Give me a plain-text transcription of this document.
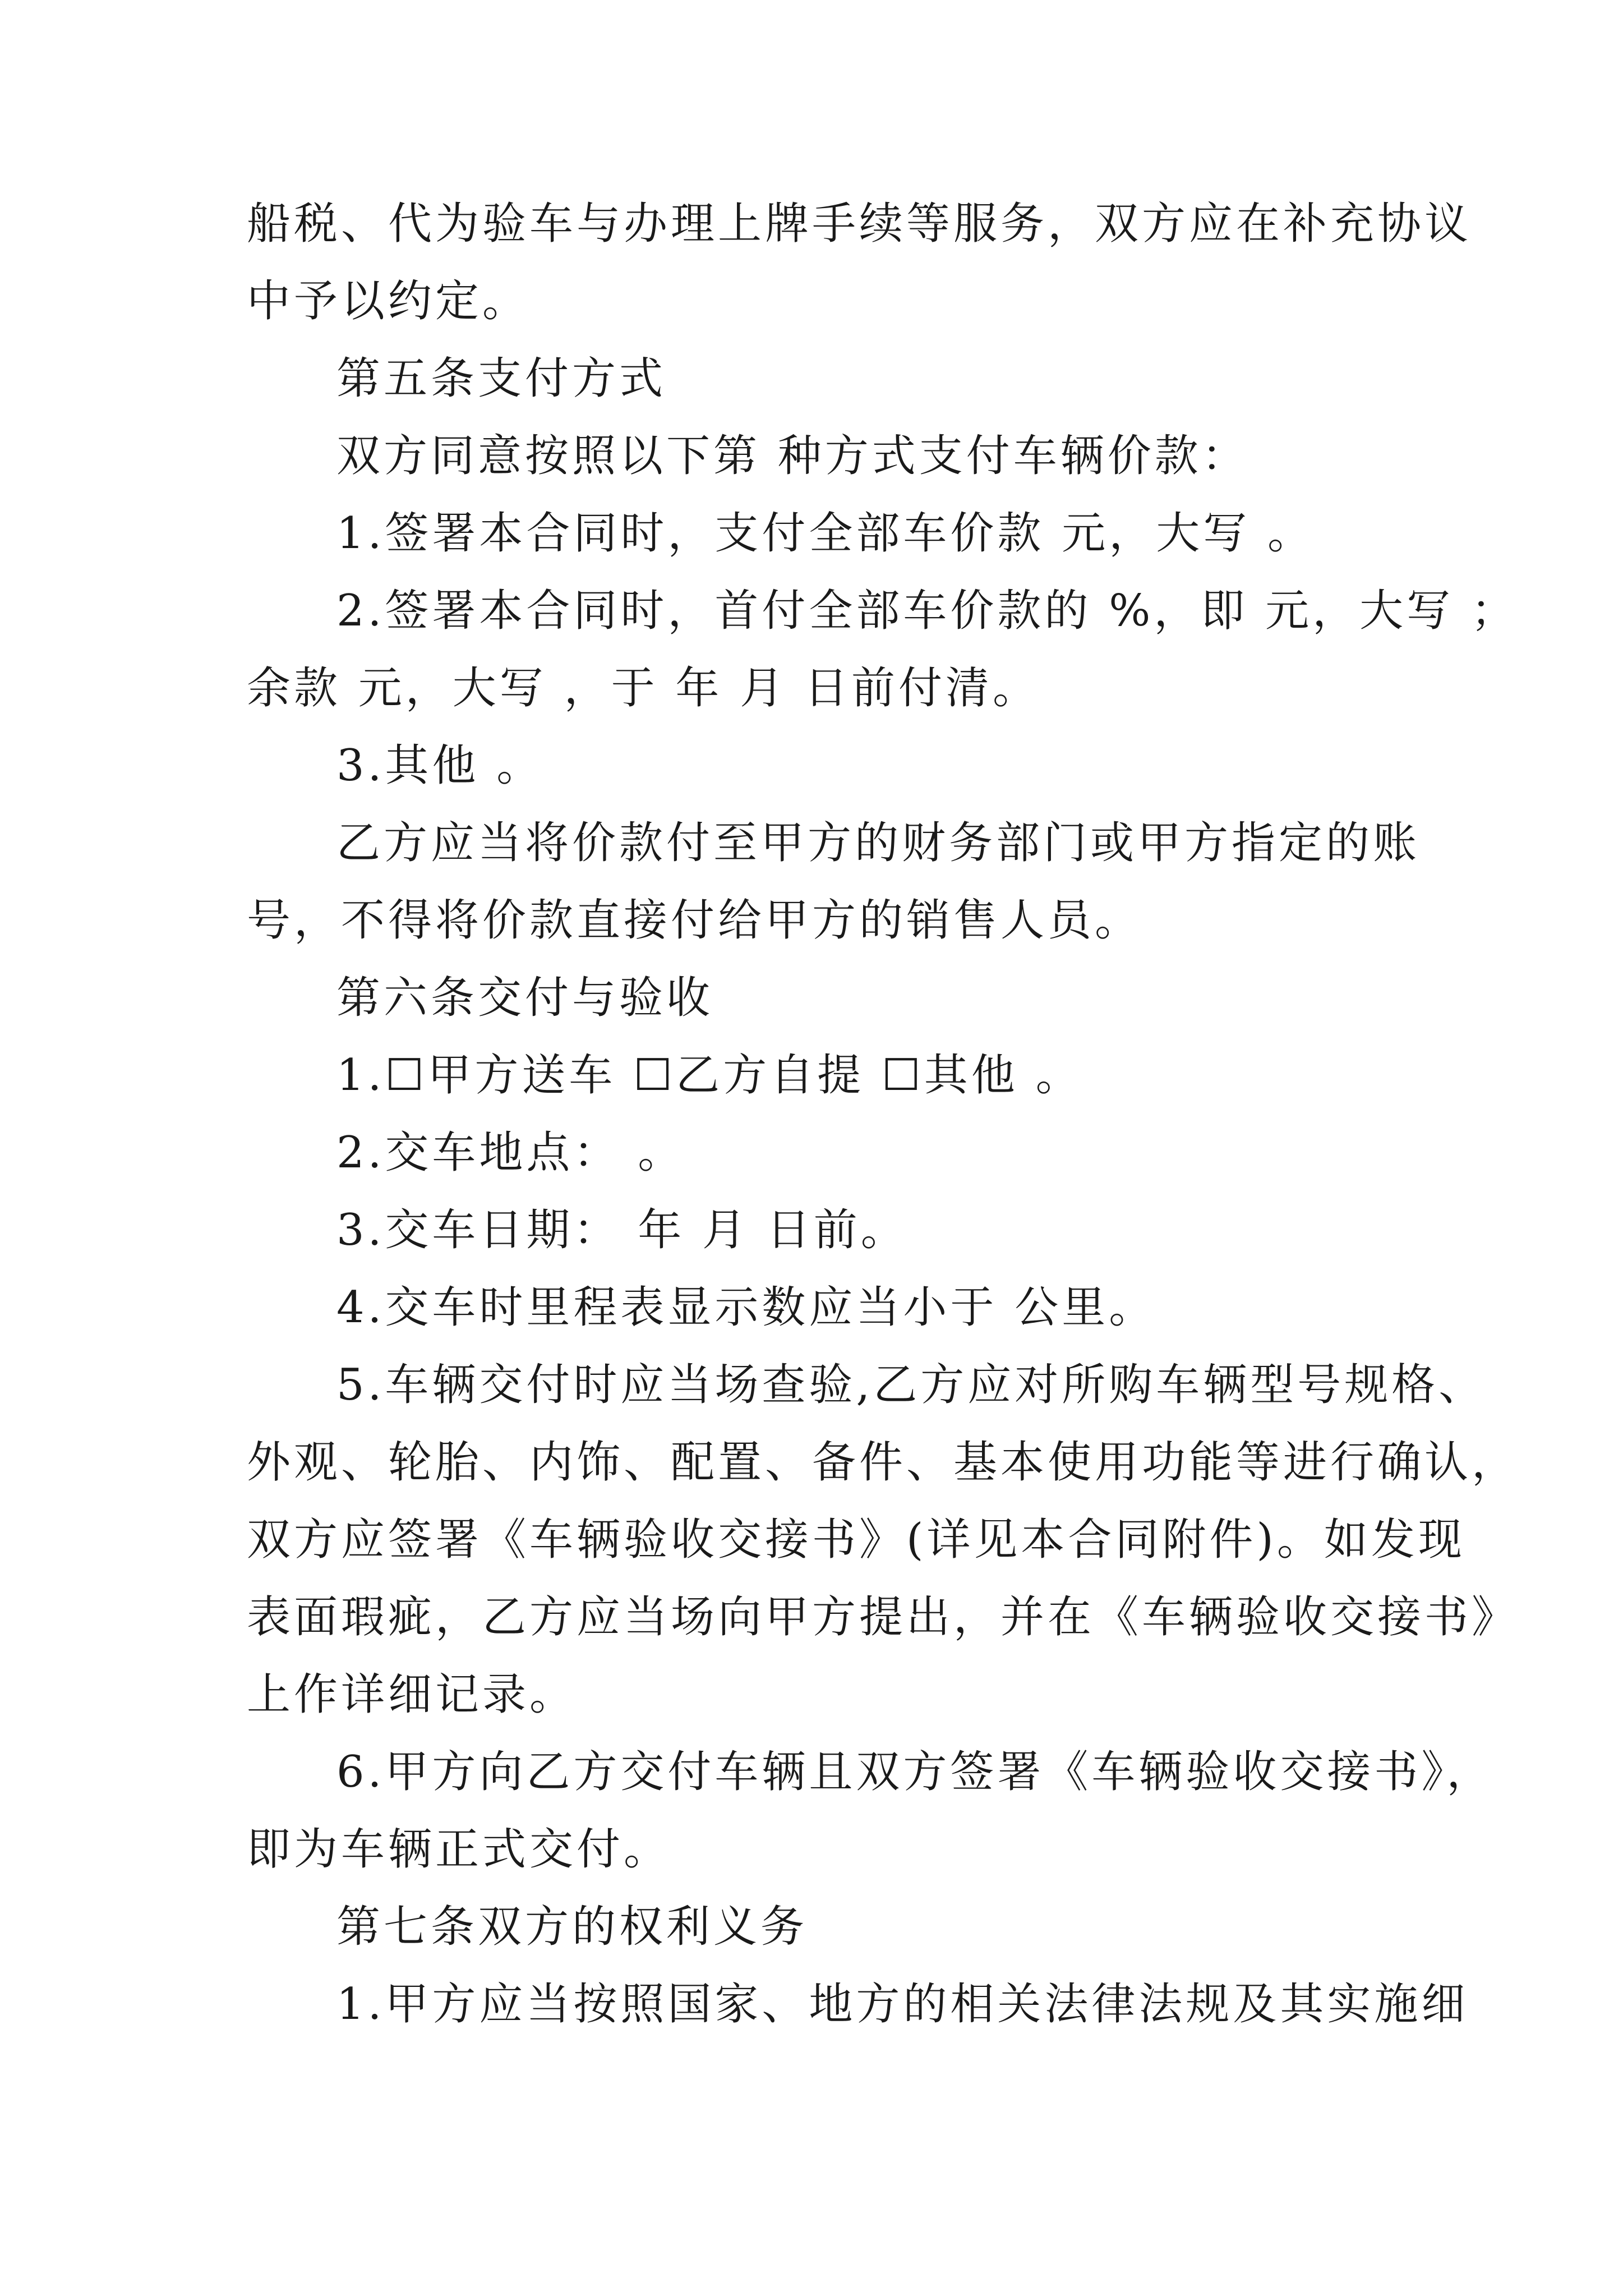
船税、代为验车与办理上牌手续等服务，双方应在补充协议
中予以约定。
第五条支付方式
双方同意按照以下第 种方式支付车辆价款：
1.签署本合同时，支付全部车价款 元，大写 。
2.签署本合同时，首付全部车价款的 %，即 元，大写 ；
余款 元，大写 ，于 年 月 日前付清。
3.其他 。
乙方应当将价款付至甲方的财务部门或甲方指定的账
号，不得将价款直接付给甲方的销售人员。
第六条交付与验收
1.☐甲方送车 ☐乙方自提 ☐其他 。
2.交车地点： 。
3.交车日期： 年 月 日前。
4.交车时里程表显示数应当小于 公里。
5.车辆交付时应当场查验,乙方应对所购车辆型号规格、
外观、轮胎、内饰、配置、备件、基本使用功能等进行确认，
双方应签署《车辆验收交接书》(详见本合同附件)。如发现
表面瑕疵，乙方应当场向甲方提出，并在《车辆验收交接书》
上作详细记录。
6.甲方向乙方交付车辆且双方签署《车辆验收交接书》，
即为车辆正式交付。
第七条双方的权利义务
1.甲方应当按照国家、地方的相关法律法规及其实施细
